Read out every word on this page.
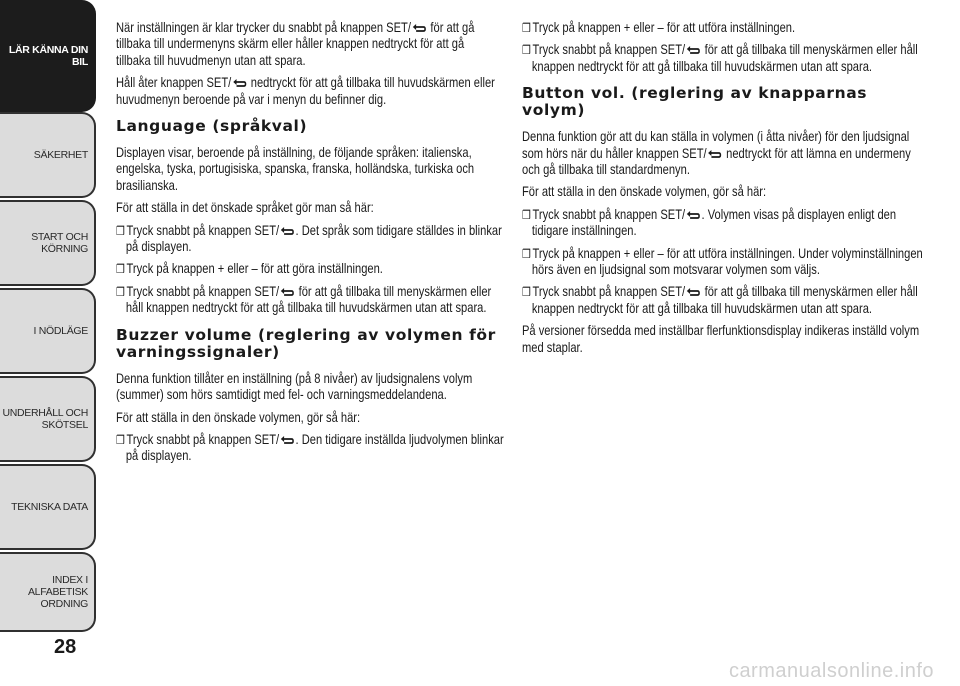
LÄR KÄNNA DIN
BIL
SÄKERHET
START OCH
KÖRNING
I NÖDLÄGE
UNDERHÅLL OCH
SKÖTSEL
TEKNISKA DATA
INDEX I ALFABETISK
ORDNING
28

När inställningen är klar trycker du snabbt på knappen SET/ för att gå tillbaka till undermenyns skärm eller håller knappen nedtryckt för att gå tillbaka till huvudmenyn utan att spara.

Håll åter knappen SET/ nedtryckt för att gå tillbaka till huvudskärmen eller huvudmenyn beroende på var i menyn du befinner dig.

Language (språkval)

Displayen visar, beroende på inställning, de följande språken: italienska, engelska, tyska, portugisiska, spanska, franska, holländska, turkiska och brasilianska.

För att ställa in det önskade språket gör man så här:

❒ Tryck snabbt på knappen SET/ . Det språk som tidigare ställdes in blinkar på displayen.
❒ Tryck på knappen + eller – för att göra inställningen.
❒ Tryck snabbt på knappen SET/ för att gå tillbaka till menyskärmen eller håll knappen nedtryckt för att gå tillbaka till huvudskärmen utan att spara.
Buzzer volume (reglering av volymen för varningssignaler)

Denna funktion tillåter en inställning (på 8 nivåer) av ljudsignalens volym (summer) som hörs samtidigt med fel- och varningsmeddelandena.

För att ställa in den önskade volymen, gör så här:

❒ Tryck snabbt på knappen SET/ . Den tidigare inställda ljudvolymen blinkar på displayen.
❒ Tryck på knappen + eller – för att utföra inställningen.
❒ Tryck snabbt på knappen SET/ för att gå tillbaka till menyskärmen eller håll knappen nedtryckt för att gå tillbaka till huvudskärmen utan att spara.
Button vol. (reglering av knapparnas volym)

Denna funktion gör att du kan ställa in volymen (i åtta nivåer) för den ljudsignal som hörs när du håller knappen SET/ nedtryckt för att lämna en undermeny och gå tillbaka till standardmenyn.

För att ställa in den önskade volymen, gör så här:

❒ Tryck snabbt på knappen SET/ . Volymen visas på displayen enligt den tidigare inställningen.
❒ Tryck på knappen + eller – för att utföra inställningen. Under volyminställningen hörs även en ljudsignal som motsvarar volymen som väljs.
❒ Tryck snabbt på knappen SET/ för att gå tillbaka till menyskärmen eller håll knappen nedtryckt för att gå tillbaka till huvudskärmen utan att spara.

På versioner försedda med inställbar flerfunktionsdisplay indikeras inställd volym med staplar.

carmanualsonline.info
